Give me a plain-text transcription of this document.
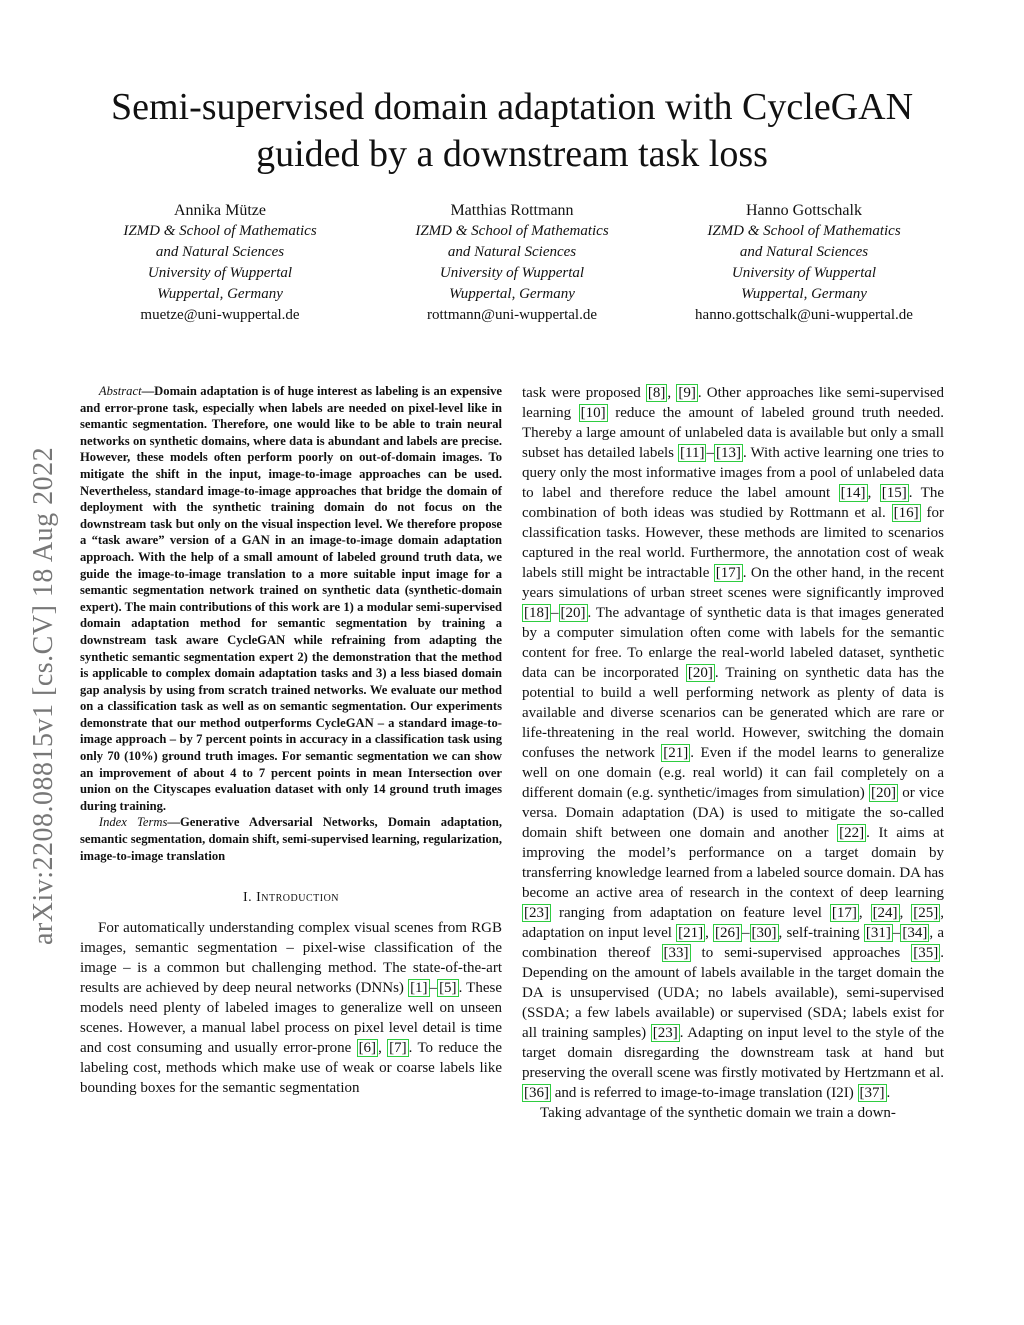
arXiv:2208.08815v1 [cs.CV] 18 Aug 2022
Semi-supervised domain adaptation with CycleGAN
guided by a downstream task loss
Annika Mütze
IZMD & School of Mathematics
and Natural Sciences
University of Wuppertal
Wuppertal, Germany
muetze@uni-wuppertal.de
Matthias Rottmann
IZMD & School of Mathematics
and Natural Sciences
University of Wuppertal
Wuppertal, Germany
rottmann@uni-wuppertal.de
Hanno Gottschalk
IZMD & School of Mathematics
and Natural Sciences
University of Wuppertal
Wuppertal, Germany
hanno.gottschalk@uni-wuppertal.de

Abstract—Domain adaptation is of huge interest as labeling is an expensive and error-prone task, especially when labels are needed on pixel-level like in semantic segmentation. Therefore, one would like to be able to train neural networks on synthetic domains, where data is abundant and labels are precise. However, these models often perform poorly on out-of-domain images. To mitigate the shift in the input, image-to-image approaches can be used. Nevertheless, standard image-to-image approaches that bridge the domain of deployment with the synthetic training domain do not focus on the downstream task but only on the visual inspection level. We therefore propose a “task aware” version of a GAN in an image-to-image domain adaptation approach. With the help of a small amount of labeled ground truth data, we guide the image-to-image translation to a more suitable input image for a semantic segmentation network trained on synthetic data (synthetic-domain expert). The main contributions of this work are 1) a modular semi-supervised domain adaptation method for semantic segmentation by training a downstream task aware CycleGAN while refraining from adapting the synthetic semantic segmentation expert 2) the demonstration that the method is applicable to complex domain adaptation tasks and 3) a less biased domain gap analysis by using from scratch trained networks. We evaluate our method on a classification task as well as on semantic segmentation. Our experiments demonstrate that our method outperforms CycleGAN – a standard image-to-image approach – by 7 percent points in accuracy in a classification task using only 70 (10%) ground truth images. For semantic segmentation we can show an improvement of about 4 to 7 percent points in mean Intersection over union on the Cityscapes evaluation dataset with only 14 ground truth images during training.

Index Terms—Generative Adversarial Networks, Domain adaptation, semantic segmentation, domain shift, semi-supervised learning, regularization, image-to-image translation

I. Introduction

For automatically understanding complex visual scenes from RGB images, semantic segmentation – pixel-wise classification of the image – is a common but challenging method. The state-of-the-art results are achieved by deep neural networks (DNNs) [1] – [5] . These models need plenty of labeled images to generalize well on unseen scenes. However, a manual label process on pixel level detail is time and cost consuming and usually error-prone [6] , [7] . To reduce the labeling cost, methods which make use of weak or coarse labels like bounding boxes for the semantic segmentation

task were proposed [8] , [9] . Other approaches like semi-supervised learning [10] reduce the amount of labeled ground truth needed. Thereby a large amount of unlabeled data is available but only a small subset has detailed labels [11] – [13] . With active learning one tries to query only the most informative images from a pool of unlabeled data to label and therefore reduce the label amount [14] , [15] . The combination of both ideas was studied by Rottmann et al. [16] for classification tasks. However, these methods are limited to scenarios captured in the real world. Furthermore, the annotation cost of weak labels still might be intractable [17] . On the other hand, in the recent years simulations of urban street scenes were significantly improved [18] – [20] . The advantage of synthetic data is that images generated by a computer simulation often come with labels for the semantic content for free. To enlarge the real-world labeled dataset, synthetic data can be incorporated [20] . Training on synthetic data has the potential to build a well performing network as plenty of data is available and diverse scenarios can be generated which are rare or life-threatening in the real world. However, switching the domain confuses the network [21] . Even if the model learns to generalize well on one domain (e.g. real world) it can fail completely on a different domain (e.g. synthetic/images from simulation) [20] or vice versa. Domain adaptation (DA) is used to mitigate the so-called domain shift between one domain and another [22] . It aims at improving the model’s performance on a target domain by transferring knowledge learned from a labeled source domain. DA has become an active area of research in the context of deep learning [23] ranging from adaptation on feature level [17] , [24] , [25] , adaptation on input level [21] , [26] – [30] , self-training [31] – [34] , a combination thereof [33] to semi-supervised approaches [35] . Depending on the amount of labels available in the target domain the DA is unsupervised (UDA; no labels available), semi-supervised (SSDA; a few labels available) or supervised (SDA; labels exist for all training samples) [23] . Adapting on input level to the style of the target domain disregarding the downstream task at hand but preserving the overall scene was firstly motivated by Hertzmann et al. [36] and is referred to image-to-image translation (I2I) [37] .

Taking advantage of the synthetic domain we train a down-
